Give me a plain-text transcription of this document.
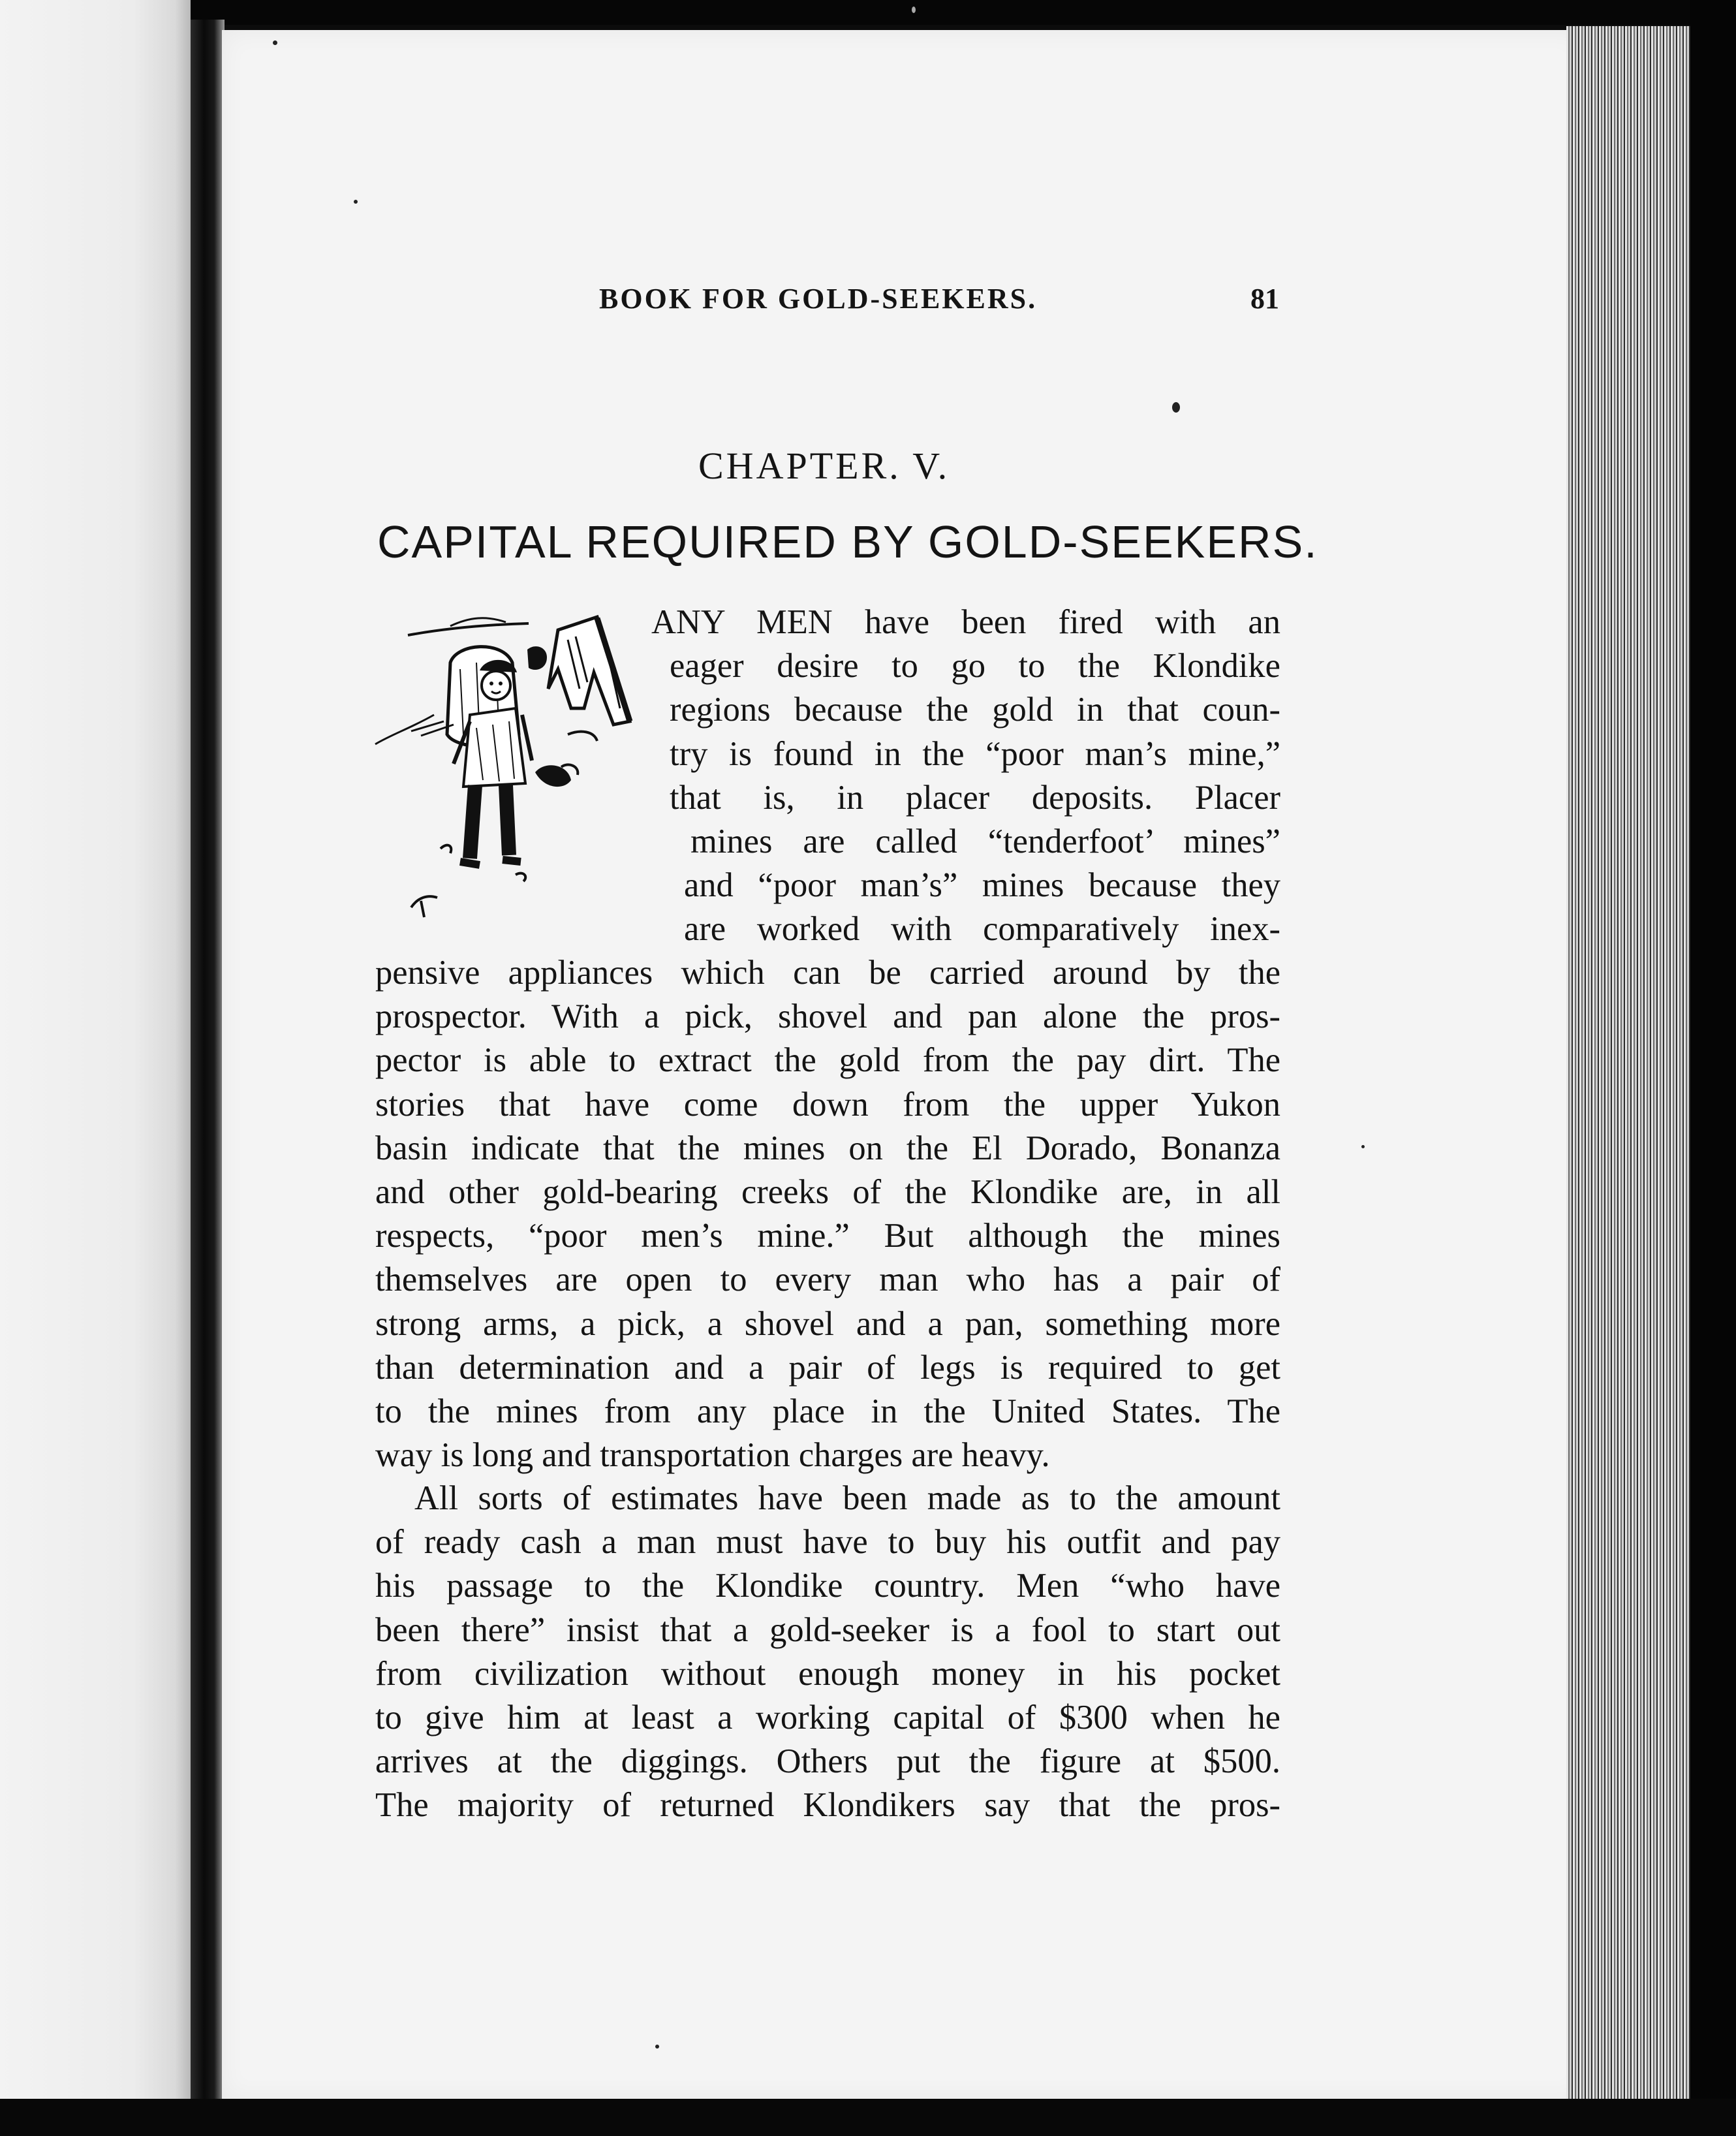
BOOK FOR GOLD-SEEKERS.	81
CHAPTER. V.
CAPITAL REQUIRED BY GOLD-SEEKERS.
ANY MEN have been fired with an
eager desire to go to the Klondike
regions because the gold in that coun-
try is found in the “poor man’s mine,”
that is, in placer deposits. Placer
mines are called “tenderfoot’ mines”
and “poor man’s” mines because they
are worked with comparatively inex-
pensive appliances which can be carried around by the
prospector. With a pick, shovel and pan alone the pros-
pector is able to extract the gold from the pay dirt. The
stories that have come down from the upper Yukon
basin indicate that the mines on the El Dorado, Bonanza
and other gold-bearing creeks of the Klondike are, in all
respects, “poor men’s mine.” But although the mines
themselves are open to every man who has a pair of
strong arms, a pick, a shovel and a pan, something more
than determination and a pair of legs is required to get
to the mines from any place in the United States. The
way is long and transportation charges are heavy.
All sorts of estimates have been made as to the amount
of ready cash a man must have to buy his outfit and pay
his passage to the Klondike country. Men “who have
been there” insist that a gold-seeker is a fool to start out
from civilization without enough money in his pocket
to give him at least a working capital of $300 when he
arrives at the diggings. Others put the figure at $500.
The majority of returned Klondikers say that the pros-
